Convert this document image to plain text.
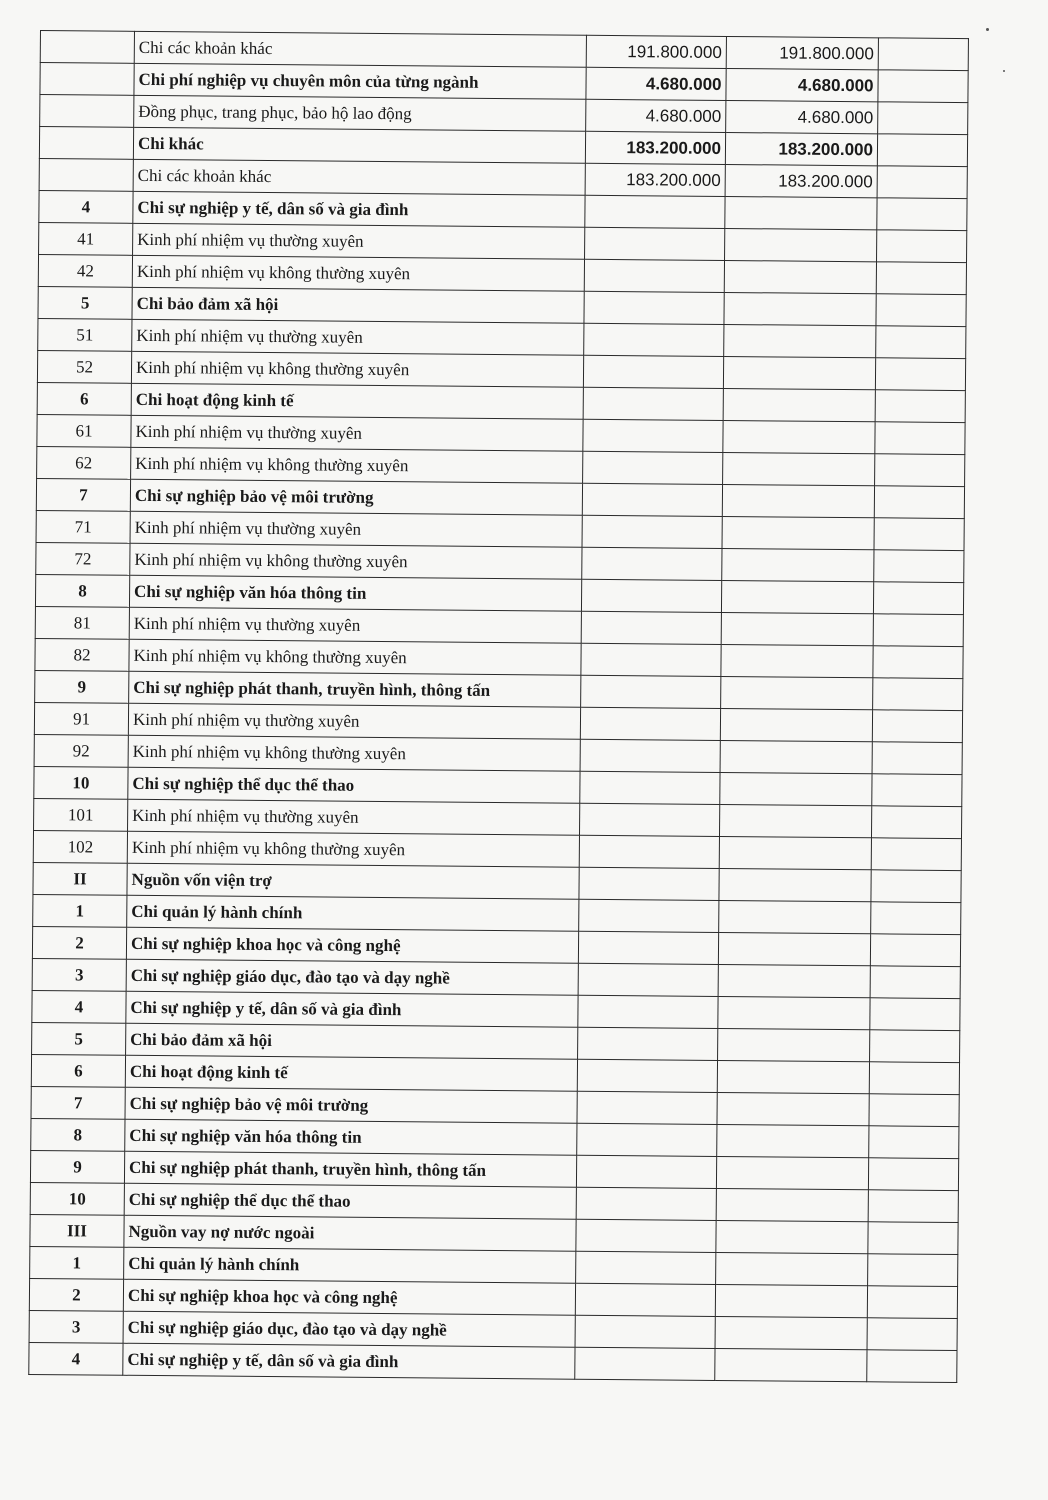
	Chi các khoản khác	191.800.000	191.800.000	
	Chi phí nghiệp vụ chuyên môn của từng ngành	4.680.000	4.680.000	
	Đồng phục, trang phục, bảo hộ lao động	4.680.000	4.680.000	
	Chi khác	183.200.000	183.200.000	
	Chi các khoản khác	183.200.000	183.200.000	
4	Chi sự nghiệp y tế, dân số và gia đình			
41	Kinh phí nhiệm vụ thường xuyên			
42	Kinh phí nhiệm vụ không thường xuyên			
5	Chi bảo đảm xã hội			
51	Kinh phí nhiệm vụ thường xuyên			
52	Kinh phí nhiệm vụ không thường xuyên			
6	Chi hoạt động kinh tế			
61	Kinh phí nhiệm vụ thường xuyên			
62	Kinh phí nhiệm vụ không thường xuyên			
7	Chi sự nghiệp bảo vệ môi trường			
71	Kinh phí nhiệm vụ thường xuyên			
72	Kinh phí nhiệm vụ không thường xuyên			
8	Chi sự nghiệp văn hóa thông tin			
81	Kinh phí nhiệm vụ thường xuyên			
82	Kinh phí nhiệm vụ không thường xuyên			
9	Chi sự nghiệp phát thanh, truyền hình, thông tấn			
91	Kinh phí nhiệm vụ thường xuyên			
92	Kinh phí nhiệm vụ không thường xuyên			
10	Chi sự nghiệp thể dục thể thao			
101	Kinh phí nhiệm vụ thường xuyên			
102	Kinh phí nhiệm vụ không thường xuyên			
II	Nguồn vốn viện trợ			
1	Chi quản lý hành chính			
2	Chi sự nghiệp khoa học và công nghệ			
3	Chi sự nghiệp giáo dục, đào tạo và dạy nghề			
4	Chi sự nghiệp y tế, dân số và gia đình			
5	Chi bảo đảm xã hội			
6	Chi hoạt động kinh tế			
7	Chi sự nghiệp bảo vệ môi trường			
8	Chi sự nghiệp văn hóa thông tin			
9	Chi sự nghiệp phát thanh, truyền hình, thông tấn			
10	Chi sự nghiệp thể dục thể thao			
III	Nguồn vay nợ nước ngoài			
1	Chi quản lý hành chính			
2	Chi sự nghiệp khoa học và công nghệ			
3	Chi sự nghiệp giáo dục, đào tạo và dạy nghề			
4	Chi sự nghiệp y tế, dân số và gia đình			
